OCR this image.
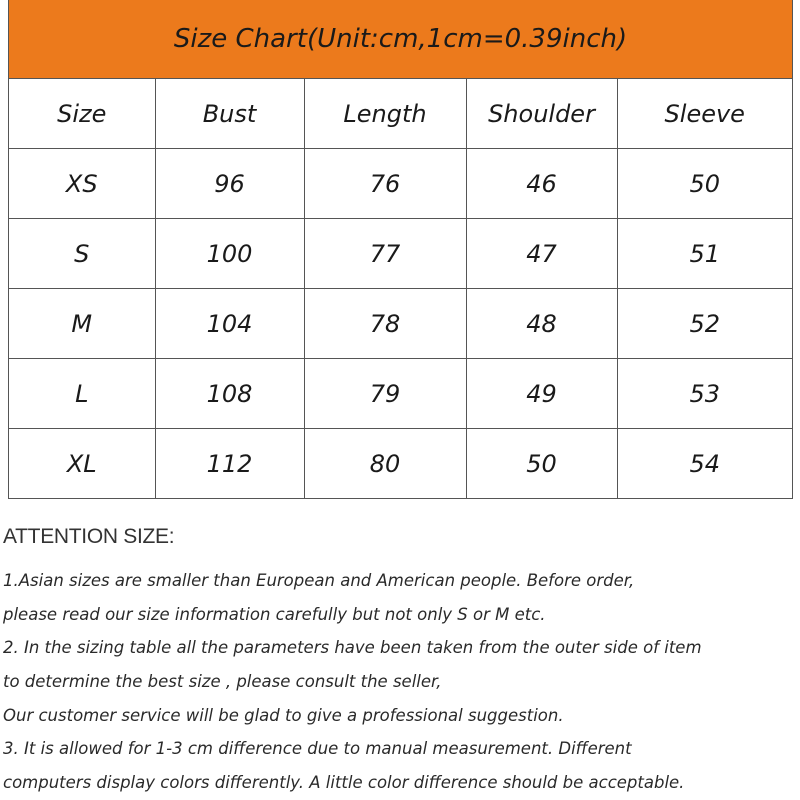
Size Chart(Unit:cm,1cm=0.39inch)
Size	Bust	Length	Shoulder	Sleeve
XS	96	76	46	50
S	100	77	47	51
M	104	78	48	52
L	108	79	49	53
XL	112	80	50	54
ATTENTION SIZE:
1.Asian sizes are smaller than European and American people. Before order,
please read our size information carefully but not only S or M etc.
2. In the sizing table all the parameters have been taken from the outer side of item
to determine the best size , please consult the seller,
Our customer service will be glad to give a professional suggestion.
3. It is allowed for 1-3 cm difference due to manual measurement. Different
computers display colors differently. A little color difference should be acceptable.
